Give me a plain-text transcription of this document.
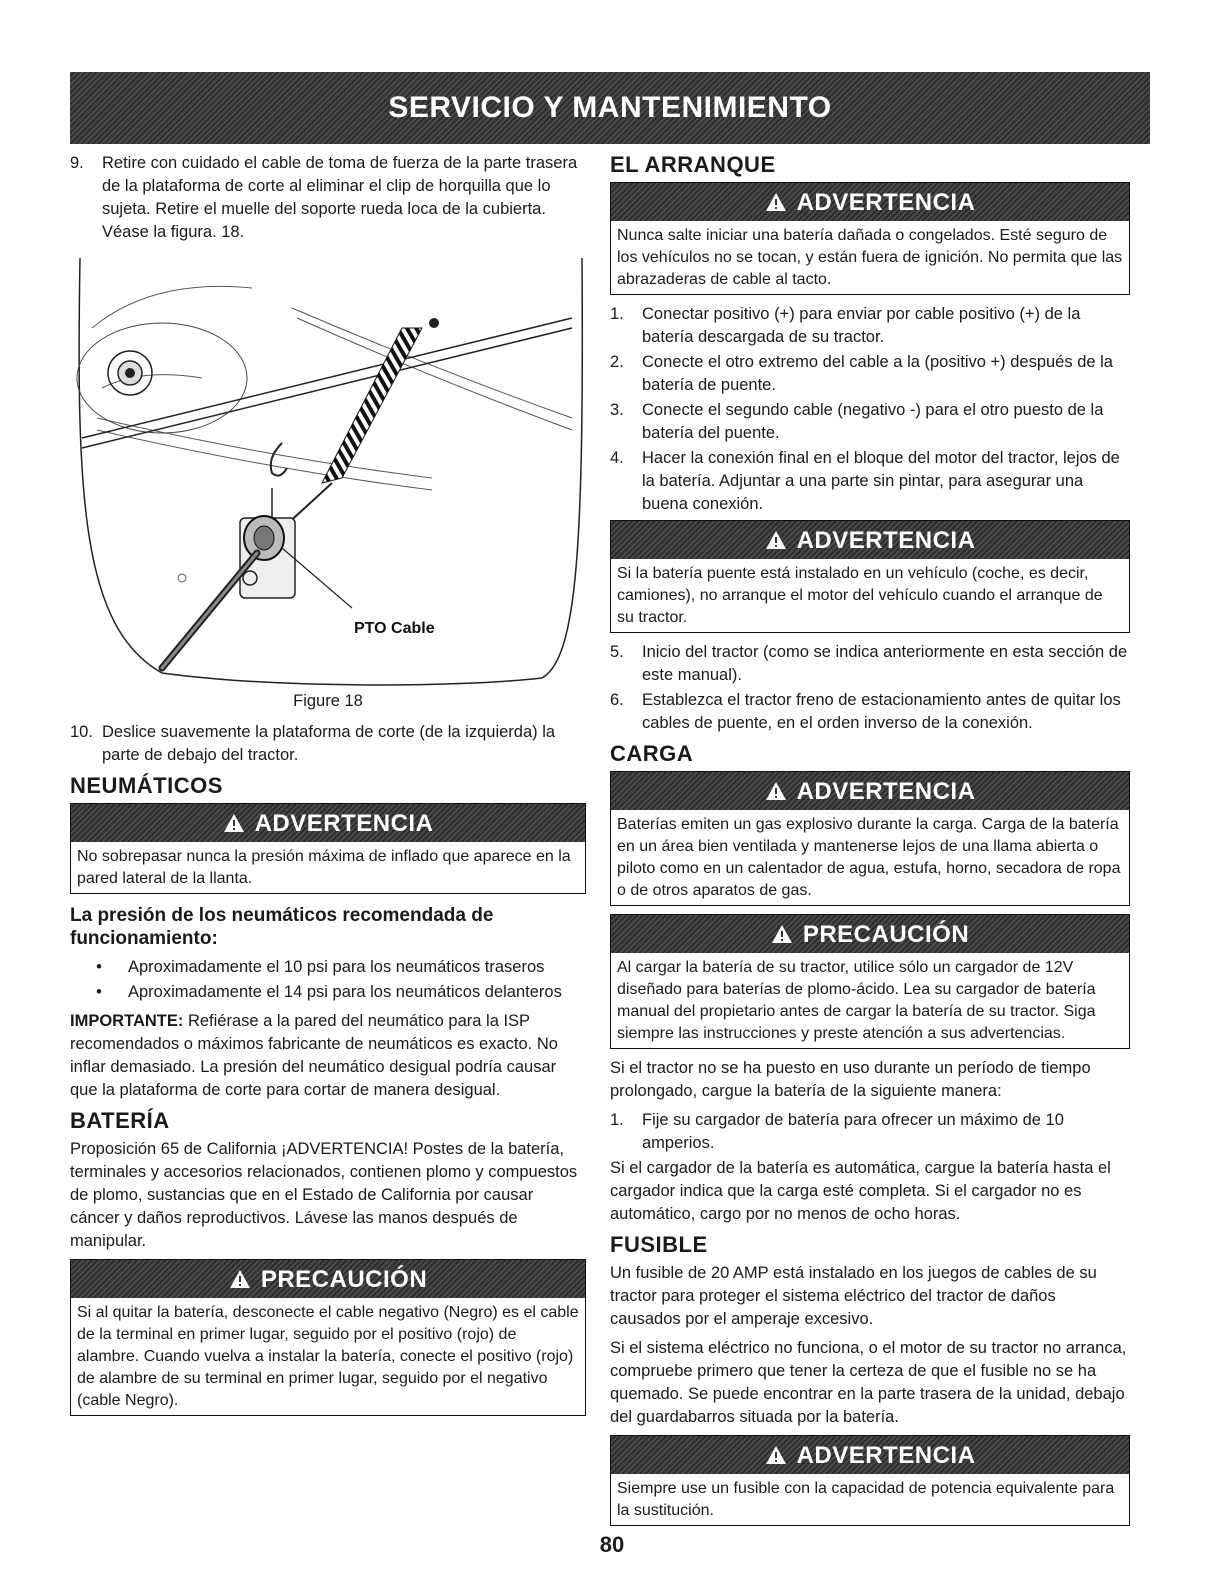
SERVICIO Y MANTENIMIENTO
9.	Retire con cuidado el cable de toma de fuerza de la parte trasera de la plataforma de corte al eliminar el clip de horquilla que lo sujeta. Retire el muelle del soporte rueda loca de la cubierta. Véase la figura. 18.
PTO Cable
Figure 18
10. Deslice suavemente la plataforma de corte (de la izquierda) la parte de debajo del tractor.
NEUMÁTICOS
ADVERTENCIA
No sobrepasar nunca la presión máxima de inflado que aparece en la pared lateral de la llanta.
La presión de los neumáticos recomendada de funcionamiento:
•	Aproximadamente el 10 psi para los neumáticos traseros
•	Aproximadamente el 14 psi para los neumáticos delanteros

IMPORTANTE: Refiérase a la pared del neumático para la ISP recomendados o máximos fabricante de neumáticos es exacto. No inflar demasiado. La presión del neumático desigual podría causar que la plataforma de corte para cortar de manera desigual.

BATERÍA

Proposición 65 de California ¡ADVERTENCIA! Postes de la batería, terminales y accesorios relacionados, contienen plomo y compuestos de plomo, sustancias que en el Estado de California por causar cáncer y daños reproductivos. Lávese las manos después de manipular.

PRECAUCIÓN
Si al quitar la batería, desconecte el cable negativo (Negro) es el cable de la terminal en primer lugar, seguido por el positivo (rojo) de alambre. Cuando vuelva a instalar la batería, conecte el positivo (rojo) de alambre de su terminal en primer lugar, seguido por el negativo (cable Negro).
EL ARRANQUE
ADVERTENCIA
Nunca salte iniciar una batería dañada o congelados. Esté seguro de los vehículos no se tocan, y están fuera de ignición. No permita que las abrazaderas de cable al tacto.
1.	Conectar positivo (+) para enviar por cable positivo (+) de la batería descargada de su tractor.
2.	Conecte el otro extremo del cable a la (positivo +) después de la batería de puente.
3.	Conecte el segundo cable (negativo -) para el otro puesto de la batería del puente.
4.	Hacer la conexión final en el bloque del motor del tractor, lejos de la batería. Adjuntar a una parte sin pintar, para asegurar una buena conexión.
ADVERTENCIA
Si la batería puente está instalado en un vehículo (coche, es decir, camiones), no arranque el motor del vehículo cuando el arranque de su tractor.
5.	Inicio del tractor (como se indica anteriormente en esta sección de este manual).
6.	Establezca el tractor freno de estacionamiento antes de quitar los cables de puente, en el orden inverso de la conexión.
CARGA
ADVERTENCIA
Baterías emiten un gas explosivo durante la carga. Carga de la batería en un área bien ventilada y mantenerse lejos de una llama abierta o piloto como en un calentador de agua, estufa, horno, secadora de ropa o de otros aparatos de gas.
PRECAUCIÓN
Al cargar la batería de su tractor, utilice sólo un cargador de 12V diseñado para baterías de plomo-ácido. Lea su cargador de batería manual del propietario antes de cargar la batería de su tractor. Siga siempre las instrucciones y preste atención a sus advertencias.

Si el tractor no se ha puesto en uso durante un período de tiempo prolongado, cargue la batería de la siguiente manera:

1.	Fije su cargador de batería para ofrecer un máximo de 10 amperios.

Si el cargador de la batería es automática, cargue la batería hasta el cargador indica que la carga esté completa. Si el cargador no es automático, cargo por no menos de ocho horas.

FUSIBLE

Un fusible de 20 AMP está instalado en los juegos de cables de su tractor para proteger el sistema eléctrico del tractor de daños causados por el amperaje excesivo.

Si el sistema eléctrico no funciona, o el motor de su tractor no arranca, compruebe primero que tener la certeza de que el fusible no se ha quemado. Se puede encontrar en la parte trasera de la unidad, debajo del guardabarros situada por la batería.

ADVERTENCIA
Siempre use un fusible con la capacidad de potencia equivalente para la sustitución.
80
